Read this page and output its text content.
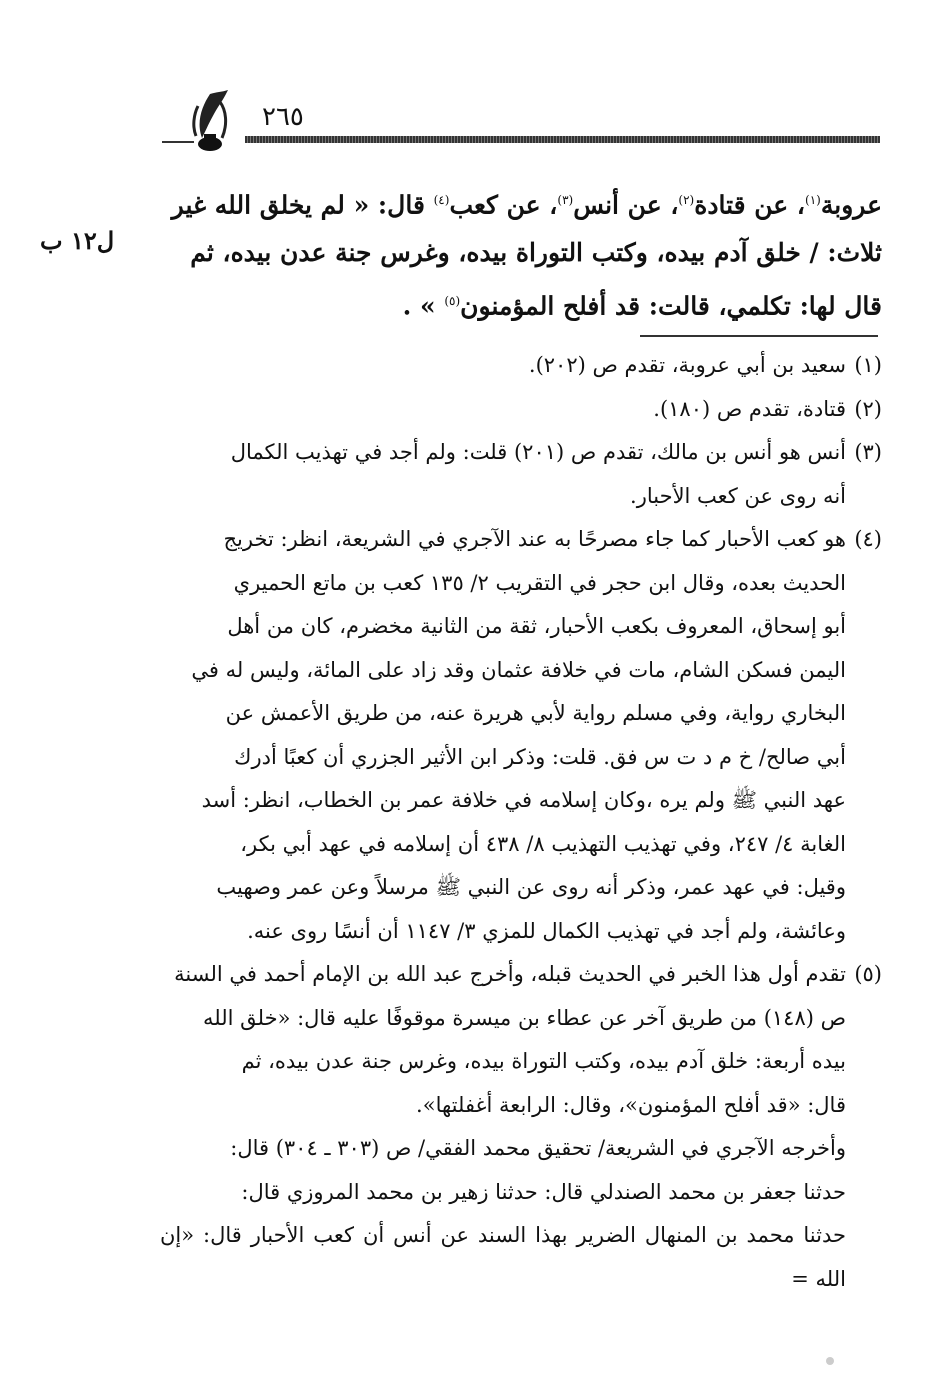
٢٦٥
ل١٢ ب

عروبة$^{(١)}$، عن قتادة$^{(٢)}$، عن أنس$^{(٣)}$، عن كعب$^{(٤)}$ قال: « لم يخلق الله غير

ثلاث: / خلق آدم بيده، وكتب التوراة بيده، وغرس جنة عدن بيده، ثم

قال لها: تكلمي، قالت: قد أفلح المؤمنون$^{(٥)}$ » .

(١)

سعيد بن أبي عروبة، تقدم ص (٢٠٢).

(٢)

قتادة، تقدم ص (١٨٠).

(٣)

أنس هو أنس بن مالك، تقدم ص (٢٠١) قلت: ولم أجد في تهذيب الكمال

أنه روى عن كعب الأحبار.

(٤)

هو كعب الأحبار كما جاء مصرحًا به عند الآجري في الشريعة، انظر: تخريج

الحديث بعده، وقال ابن حجر في التقريب ٢/ ١٣٥ كعب بن ماتع الحميري

أبو إسحاق، المعروف بكعب الأحبار، ثقة من الثانية مخضرم، كان من أهل

اليمن فسكن الشام، مات في خلافة عثمان وقد زاد على المائة، وليس له في

البخاري رواية، وفي مسلم رواية لأبي هريرة عنه، من طريق الأعمش عن

أبي صالح/ خ م د ت س فق. قلت: وذكر ابن الأثير الجزري أن كعبًا أدرك

عهد النبي ﷺ ولم يره ،وكان إسلامه في خلافة عمر بن الخطاب، انظر: أسد

الغابة ٤/ ٢٤٧، وفي تهذيب التهذيب ٨/ ٤٣٨ أن إسلامه في عهد أبي بكر،

وقيل: في عهد عمر، وذكر أنه روى عن النبي ﷺ مرسلاً وعن عمر وصهيب

وعائشة، ولم أجد في تهذيب الكمال للمزي ٣/ ١١٤٧ أن أنسًا روى عنه.

(٥)

تقدم أول هذا الخبر في الحديث قبله، وأخرج عبد الله بن الإمام أحمد في السنة

ص (١٤٨) من طريق آخر عن عطاء بن ميسرة موقوفًا عليه قال: «خلق الله

بيده أربعة: خلق آدم بيده، وكتب التوراة بيده، وغرس جنة عدن بيده، ثم

قال: «قد أفلح المؤمنون»، وقال: الرابعة أغفلتها».

وأخرجه الآجري في الشريعة/ تحقيق محمد الفقي/ ص (٣٠٣ ـ ٣٠٤) قال:

حدثنا جعفر بن محمد الصندلي قال: حدثنا زهير بن محمد المروزي قال:

حدثنا محمد بن المنهال الضرير بهذا السند عن أنس أن كعب الأحبار قال: «إن الله =
